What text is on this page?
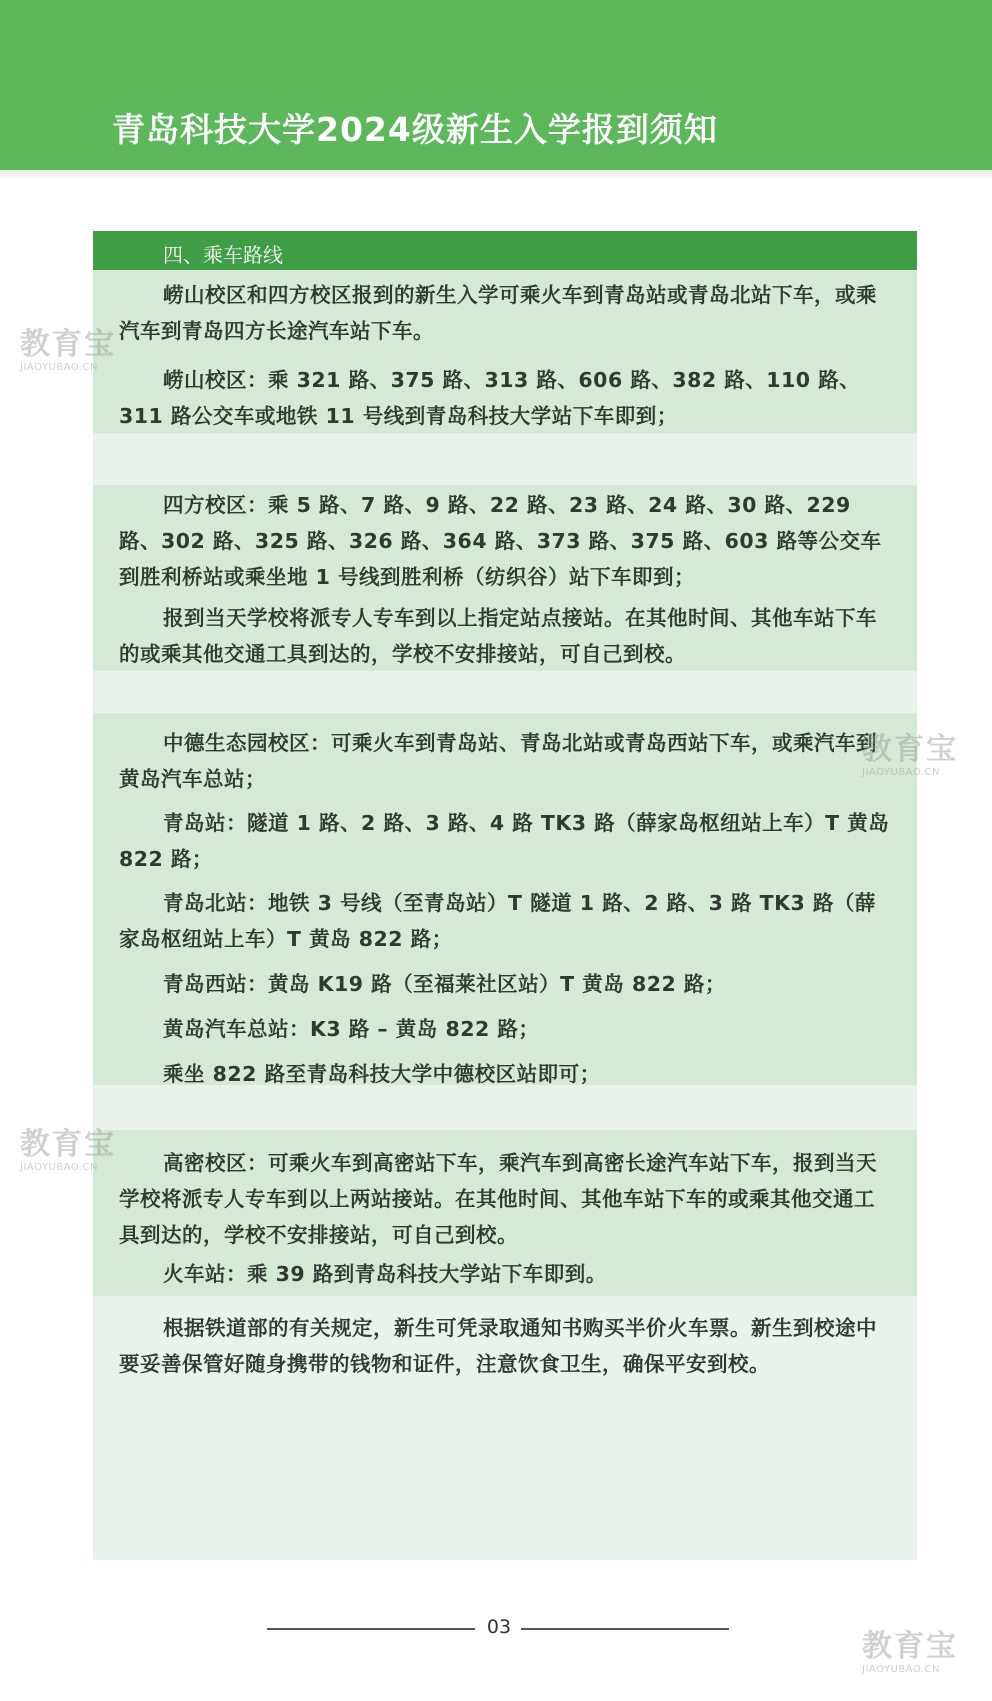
青岛科技大学2024级新生入学报到须知
四、乘车路线
崂山校区和四方校区报到的新生入学可乘火车到青岛站或青岛北站下车，或乘汽车到青岛四方长途汽车站下车。
崂山校区：乘 321 路、375 路、313 路、606 路、382 路、110 路、311 路公交车或地铁 11 号线到青岛科技大学站下车即到；
四方校区：乘 5 路、7 路、9 路、22 路、23 路、24 路、30 路、229 路、302 路、325 路、326 路、364 路、373 路、375 路、603 路等公交车到胜利桥站或乘坐地 1 号线到胜利桥（纺织谷）站下车即到；
报到当天学校将派专人专车到以上指定站点接站。在其他时间、其他车站下车的或乘其他交通工具到达的，学校不安排接站，可自己到校。
中德生态园校区：可乘火车到青岛站、青岛北站或青岛西站下车，或乘汽车到黄岛汽车总站；
青岛站：隧道 1 路、2 路、3 路、4 路 TK3 路（薛家岛枢纽站上车）T 黄岛 822 路；
青岛北站：地铁 3 号线（至青岛站）T 隧道 1 路、2 路、3 路 TK3 路（薛家岛枢纽站上车）T 黄岛 822 路；
青岛西站：黄岛 K19 路（至福莱社区站）T 黄岛 822 路；
黄岛汽车总站：K3 路 – 黄岛 822 路；
乘坐 822 路至青岛科技大学中德校区站即可；
高密校区：可乘火车到高密站下车，乘汽车到高密长途汽车站下车，报到当天学校将派专人专车到以上两站接站。在其他时间、其他车站下车的或乘其他交通工具到达的，学校不安排接站，可自己到校。
火车站：乘 39 路到青岛科技大学站下车即到。
根据铁道部的有关规定，新生可凭录取通知书购买半价火车票。新生到校途中要妥善保管好随身携带的钱物和证件，注意饮食卫生，确保平安到校。
03
教育宝
JIAOYUBAO.CN
教育宝
JIAOYUBAO.CN
教育宝
JIAOYUBAO.CN
教育宝
JIAOYUBAO.CN
